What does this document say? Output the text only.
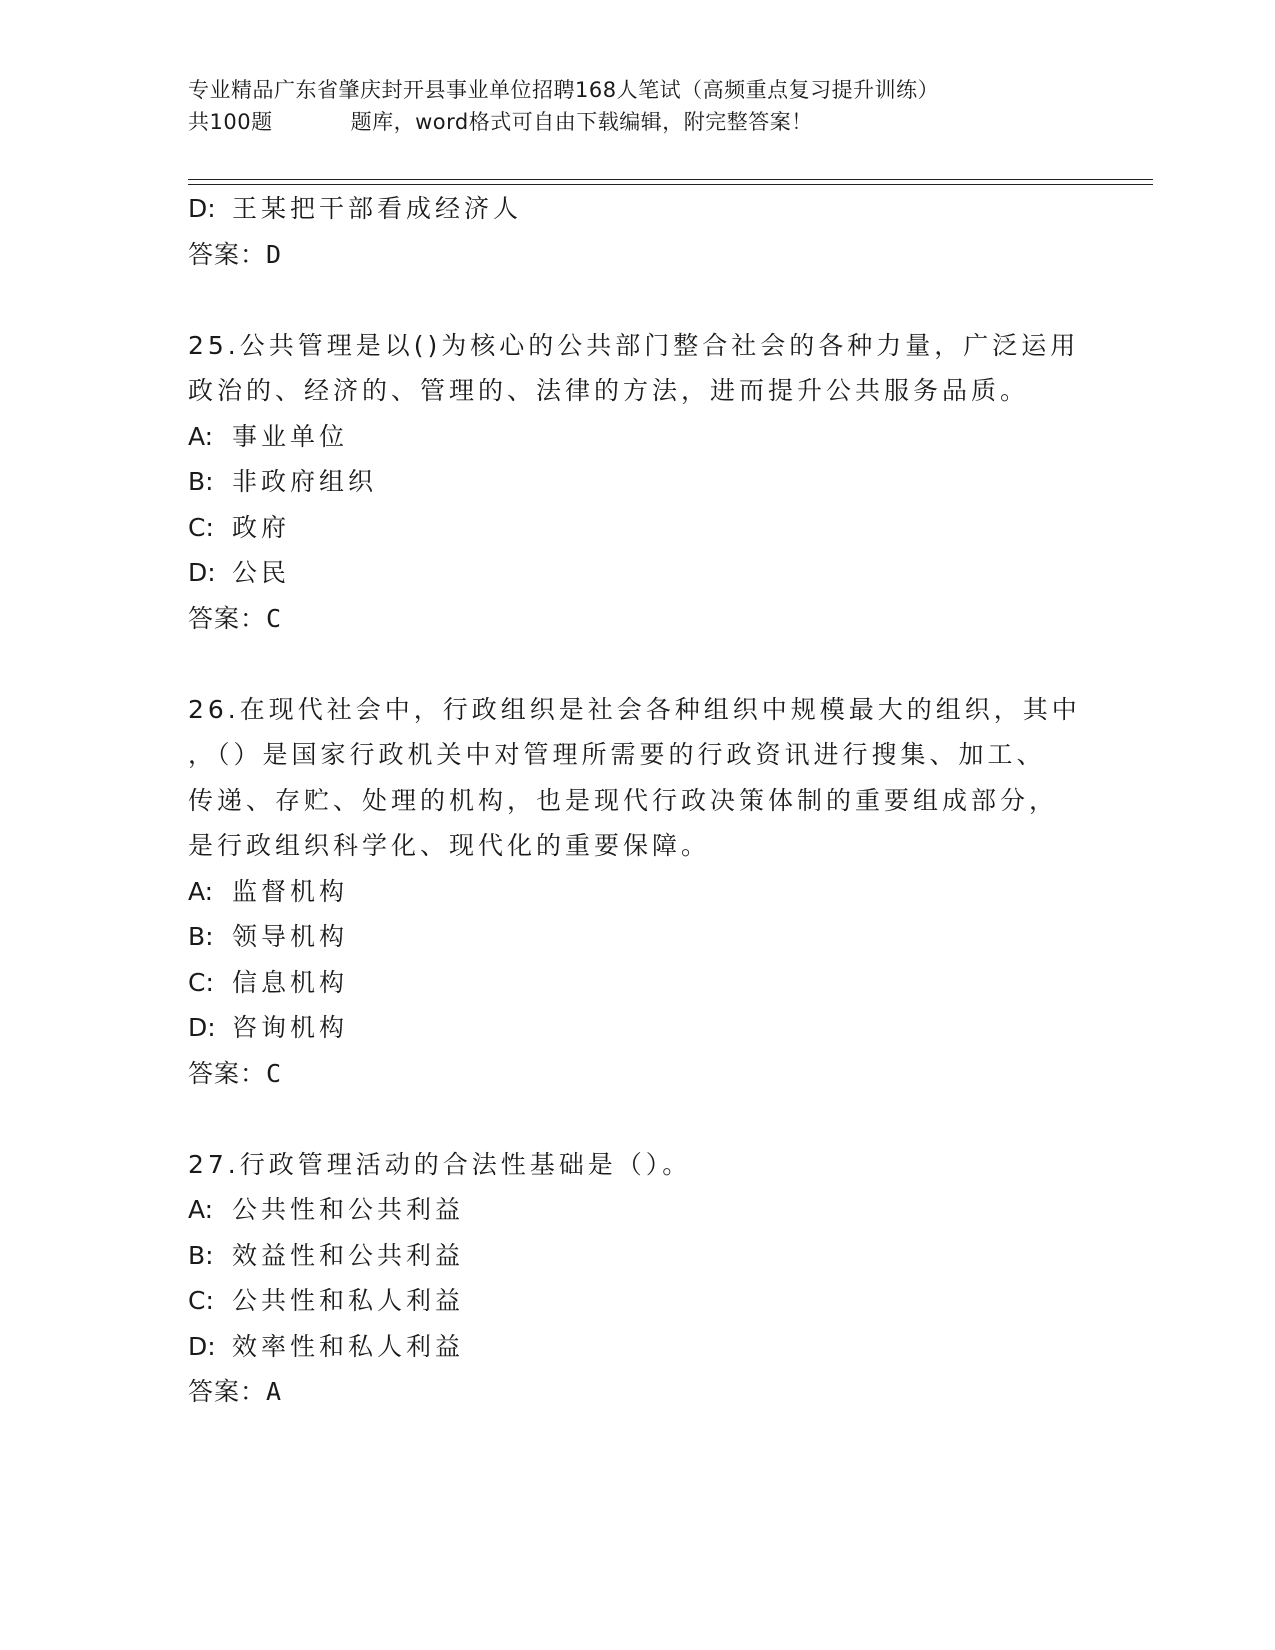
专业精品广东省肇庆封开县事业单位招聘168人笔试（高频重点复习提升训练）
共100题	题库，word格式可自由下载编辑，附完整答案！
D: 王某把干部看成经济人
答案：D
25.公共管理是以()为核心的公共部门整合社会的各种力量，广泛运用
政治的、经济的、管理的、法律的方法，进而提升公共服务品质。
A: 事业单位
B: 非政府组织
C: 政府
D: 公民
答案：C
26.在现代社会中，行政组织是社会各种组织中规模最大的组织，其中
，（）是国家行政机关中对管理所需要的行政资讯进行搜集、加工、
传递、存贮、处理的机构，也是现代行政决策体制的重要组成部分，
是行政组织科学化、现代化的重要保障。
A: 监督机构
B: 领导机构
C: 信息机构
D: 咨询机构
答案：C
27.行政管理活动的合法性基础是（）。
A: 公共性和公共利益
B: 效益性和公共利益
C: 公共性和私人利益
D: 效率性和私人利益
答案：A
